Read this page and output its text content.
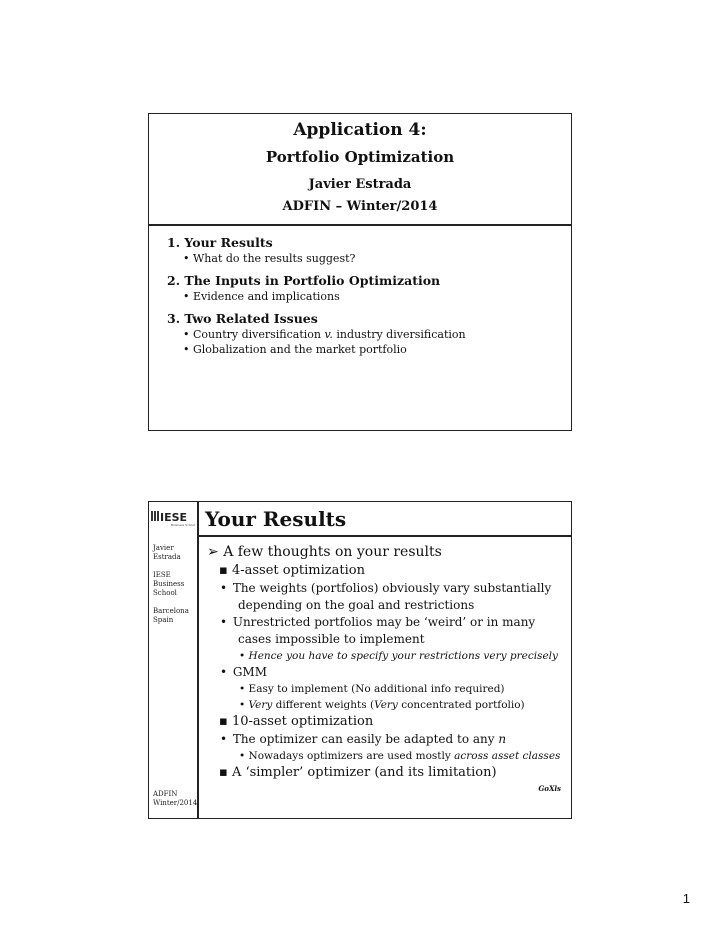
Application 4:
Portfolio Optimization
Javier Estrada
ADFIN – Winter/2014

1. Your Results

• What do the results suggest?

2. The Inputs in Portfolio Optimization

• Evidence and implications

3. Two Related Issues

• Country diversification v. industry diversification

• Globalization and the market portfolio

IESE
Business School
Javier
Estrada
IESE
Business
School
Barcelona
Spain
ADFIN
Winter/2014
Your Results

➢ A few thoughts on your results

▪ 4-asset optimization

• The weights (portfolios) obviously vary substantially depending on the goal and restrictions

• Unrestricted portfolios may be ‘weird’ or in many cases impossible to implement

• Hence you have to specify your restrictions very precisely

• GMM

• Easy to implement (No additional info required)

• Very different weights (Very concentrated portfolio)

▪ 10-asset optimization

• The optimizer can easily be adapted to any n

• Nowadays optimizers are used mostly across asset classes

▪ A ‘simpler’ optimizer (and its limitation)

GoXls
1
